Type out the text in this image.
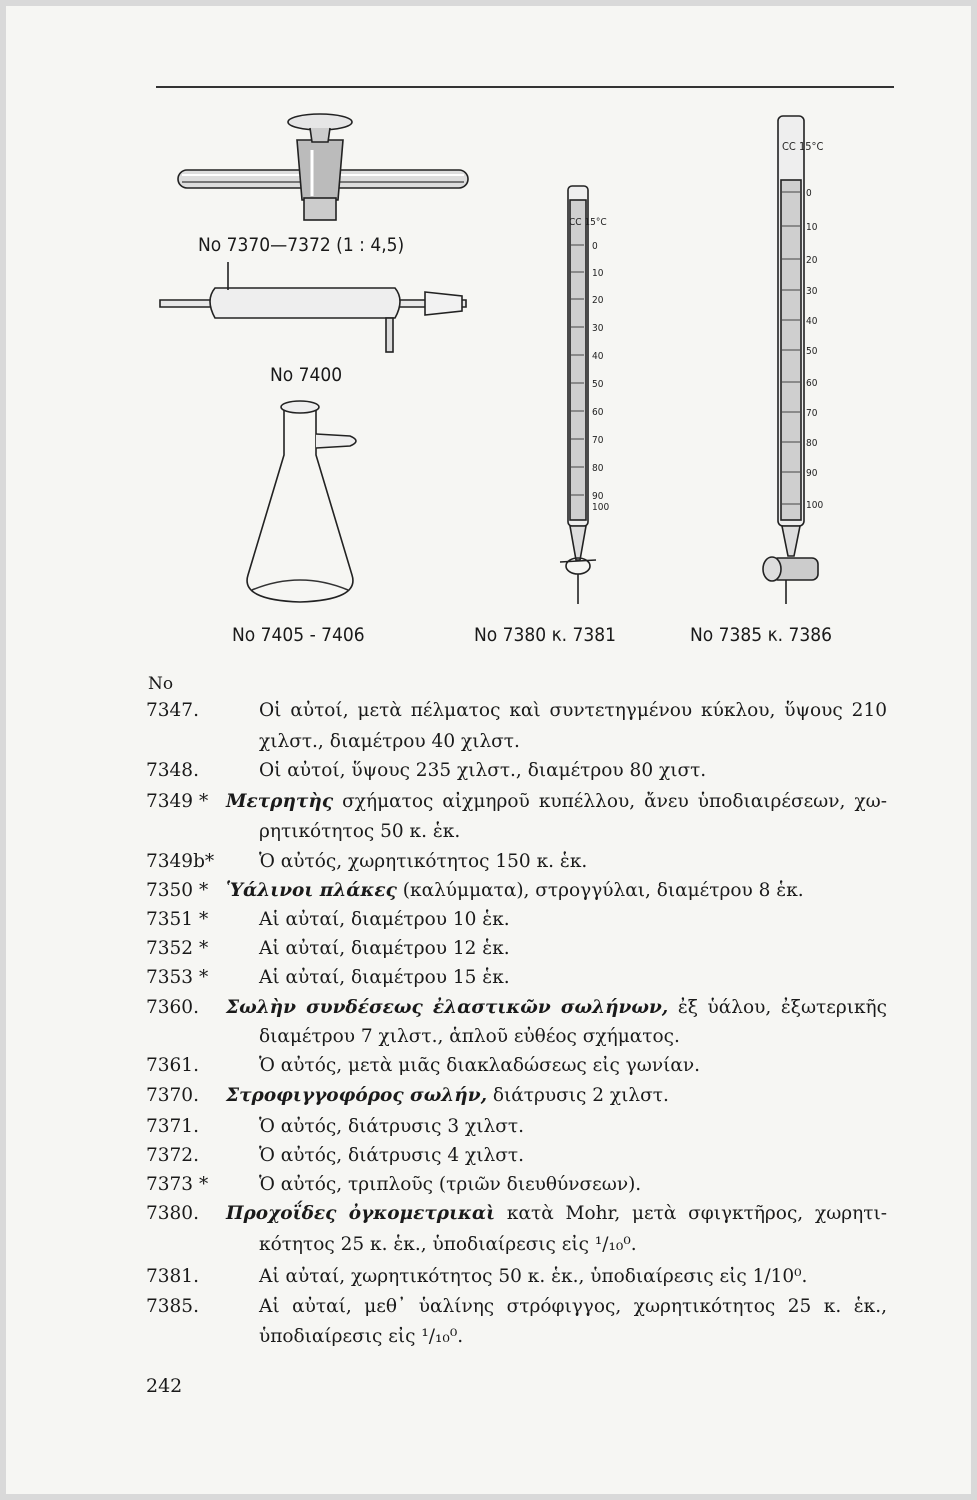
CC 15°C
0
10
20
30
40
50
60
70
80
90
100
CC 15°C
0
10
20
30
40
50
60
70
80
90
100
No 7370—7372 (1 : 4,5)
No 7400
No 7405 - 7406	No 7380 κ. 7381	No 7385 κ. 7386
No
7347.	Οἱ αὐτοί, μετὰ πέλματος καὶ συντετηγμένου κύκλου, ὕψους 210
χιλστ., διαμέτρου 40 χιλστ.
7348.	Οἱ αὐτοί, ὕψους 235 χιλστ., διαμέτρου 80 χιστ.
7349 * Μετρητὴς σχήματος αἰχμηροῦ κυπέλλου, ἄνευ ὑποδιαιρέσεων, χω-
ρητικότητος 50 κ. ἑκ.
7349b* Ὁ αὐτός, χωρητικότητος 150 κ. ἑκ.
7350 * Ὑάλινοι πλάκες (καλύμματα), στρογγύλαι, διαμέτρου 8 ἑκ.
7351 *	Αἱ αὐταί, διαμέτρου 10 ἑκ.
7352 *	Αἱ αὐταί, διαμέτρου 12 ἑκ.
7353 *	Αἱ αὐταί, διαμέτρου 15 ἑκ.
7360. Σωλὴν συνδέσεως ἐλαστικῶν σωλήνων, ἐξ ὑάλου, ἐξωτερικῆς
διαμέτρου 7 χιλστ., ἁπλοῦ εὐθέος σχήματος.
7361.	Ὁ αὐτός, μετὰ μιᾶς διακλαδώσεως εἰς γωνίαν.
7370. Στροφιγγοφόρος σωλήν, διάτρυσις 2 χιλστ.
7371.	Ὁ αὐτός, διάτρυσις 3 χιλστ.
7372.	Ὁ αὐτός, διάτρυσις 4 χιλστ.
7373 *	Ὁ αὐτός, τριπλοῦς (τριῶν διευθύνσεων).
7380. Προχοΐδες ὀγκομετρικαὶ κατὰ Mohr, μετὰ σφιγκτῆρος, χωρητι-
κότητος 25 κ. ἑκ., ὑποδιαίρεσις εἰς ¹/₁₀⁰.
7381.	Αἱ αὐταί, χωρητικότητος 50 κ. ἑκ., ὑποδιαίρεσις εἰς 1/10⁰.
7385.	Αἱ αὐταί, μεθ᾽ ὑαλίνης στρόφιγγος, χωρητικότητος 25 κ. ἑκ.,
ὑποδιαίρεσις εἰς ¹/₁₀⁰.
242
